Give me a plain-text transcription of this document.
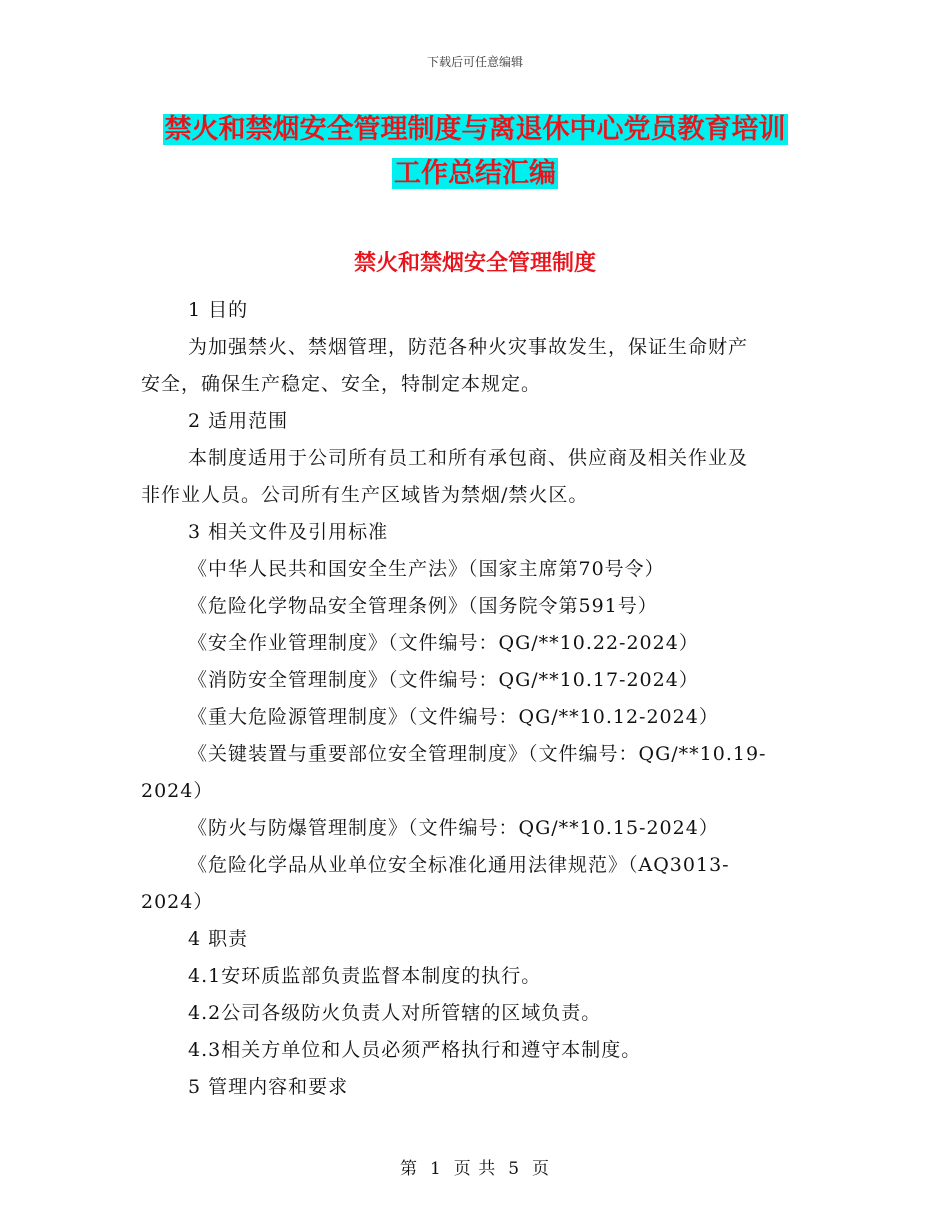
下载后可任意编辑
禁火和禁烟安全管理制度与离退休中心党员教育培训
工作总结汇编
禁火和禁烟安全管理制度
1 目的
为加强禁火、禁烟管理，防范各种火灾事故发生，保证生命财产
安全，确保生产稳定、安全，特制定本规定。
2 适用范围
本制度适用于公司所有员工和所有承包商、供应商及相关作业及
非作业人员。公司所有生产区域皆为禁烟/禁火区。
3 相关文件及引用标准
《中华人民共和国安全生产法》（国家主席第70号令）
《危险化学物品安全管理条例》（国务院令第591号）
《安全作业管理制度》（文件编号：QG/**10.22-2024）
《消防安全管理制度》（文件编号：QG/**10.17-2024）
《重大危险源管理制度》（文件编号：QG/**10.12-2024）
《关键装置与重要部位安全管理制度》（文件编号：QG/**10.19-
2024）
《防火与防爆管理制度》（文件编号：QG/**10.15-2024）
《危险化学品从业单位安全标准化通用法律规范》（AQ3013-
2024）
4 职责
4.1安环质监部负责监督本制度的执行。
4.2公司各级防火负责人对所管辖的区域负责。
4.3相关方单位和人员必须严格执行和遵守本制度。
5 管理内容和要求
第 1 页 共 5 页
